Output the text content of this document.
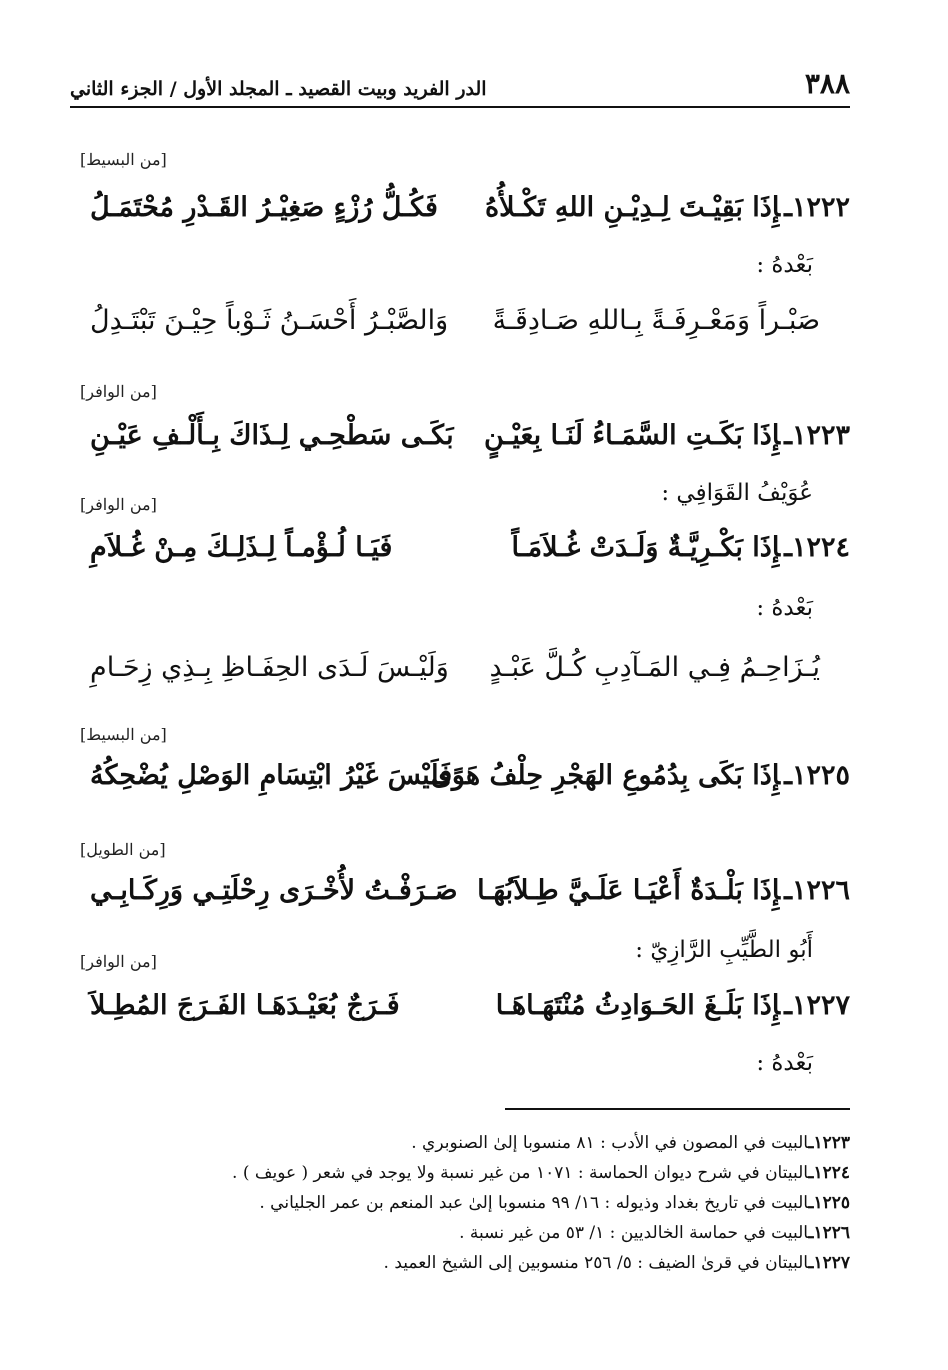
٣٨٨
الدر الفريد وبيت القصيد ـ المجلد الأول / الجزء الثاني
[من البسيط]
١٢٢٢ـإِذَا بَقِيْـتَ لِـدِيْـنِ اللهِ تَكْـلأُهُ
فَكُـلُّ رُزْءٍ صَغِيْـرُ القَـدْرِ مُحْتَمَـلُ
بَعْدهُ :
صَبْـراً وَمَعْـرِفَـةً بِـاللهِ صَـادِقَـةً
وَالصَّبْـرُ أَحْسَـنُ ثَـوْباً حِيْـنَ تَبْتَـدِلُ
[من الوافر]
١٢٢٣ـإِذَا بَكَـتِ السَّمَـاءُ لَنَـا بِعَيْـنٍ
بَكَـى سَطْحِـي لِـذَاكَ بِـأَلْـفِ عَيْـنِ
عُوَيْفُ القَوَافِي :
[من الوافر]
١٢٢٤ـإِذَا بَكْـرِيَّـةٌ وَلَـدَتْ غُـلاَمَـاً
فَيَـا لُـؤْمـاً لِـذَلِـكَ مِـنْ غُـلاَمِ
بَعْدهُ :
يُـزَاحِـمُ فِـي المَـآدِبِ كُـلَّ عَبْـدٍ
وَلَيْـسَ لَـدَى الحِفَـاظِ بِـذِي زِحَـامِ
[من البسيط]
١٢٢٥ـإِذَا بَكَى بِدُمُوعِ الهَجْرِ حِلْفُ هَوًى
فَلَيْسَ غَيْرُ ابْتِسَامِ الوَصْلِ يُضْحِكُهُ
[من الطويل]
١٢٢٦ـإِذَا بَلْـدَةٌ أَعْيَـا عَلَـيَّ طِـلاَبُهَـا
صَـرَفْـتُ لأُخْـرَى رِحْلَتِـي وَرِكَـابِـي
أَبُو الطَّيِّبِ الرَّازِيّ :
[من الوافر]
١٢٢٧ـإِذَا بَلَـغَ الحَـوَادِثُ مُنْتَهَـاهَـا
فَـرَجٌ بُعَيْـدَهَـا الفَـرَجَ المُطِـلاَ
بَعْدهُ :
١٢٢٣ـالبيت في المصون في الأدب : ٨١ منسوبا إلىٰ الصنوبري .
١٢٢٤ـالبيتان في شرح ديوان الحماسة : ١٠٧١ من غير نسبة ولا يوجد في شعر ( عويف ) .
١٢٢٥ـالبيت في تاريخ بغداد وذيوله : ١٦/ ٩٩ منسوبا إلىٰ عبد المنعم بن عمر الجلياني .
١٢٢٦ـالبيت في حماسة الخالديين : ١/ ٥٣ من غير نسبة .
١٢٢٧ـالبيتان في قرىٰ الضيف : ٥/ ٢٥٦ منسوبين إلى الشيخ العميد .
